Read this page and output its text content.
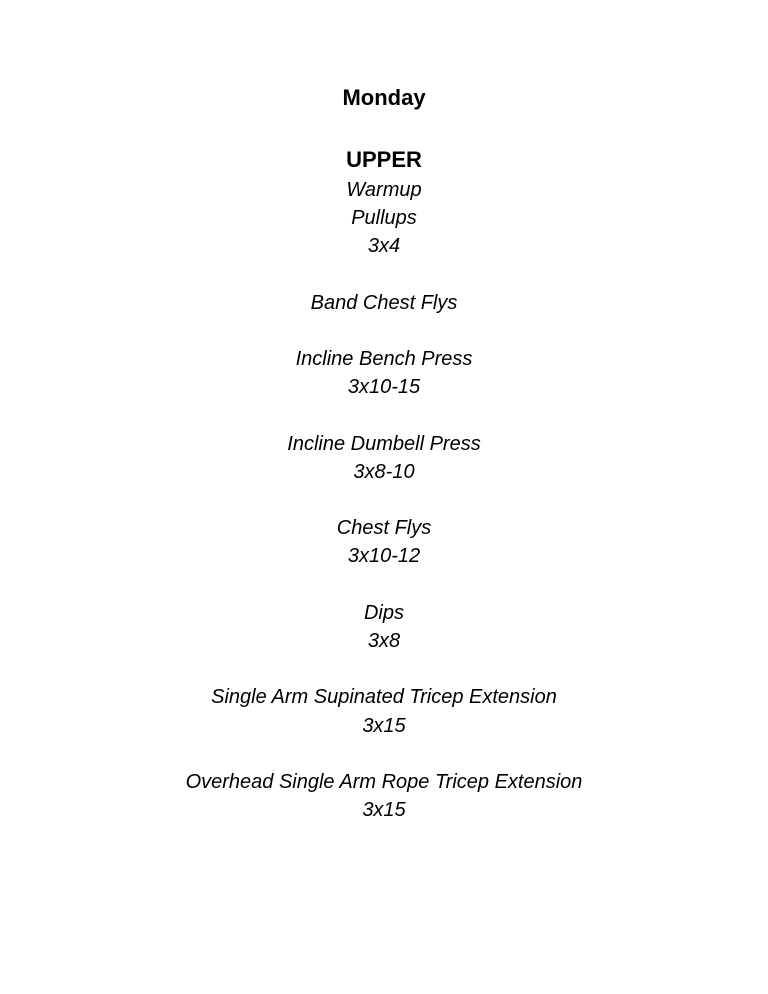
Monday
UPPER
Warmup
Pullups
3x4
Band Chest Flys
Incline Bench Press
3x10-15
Incline Dumbell Press
3x8-10
Chest Flys
3x10-12
Dips
3x8
Single Arm Supinated Tricep Extension
3x15
Overhead Single Arm Rope Tricep Extension
3x15
